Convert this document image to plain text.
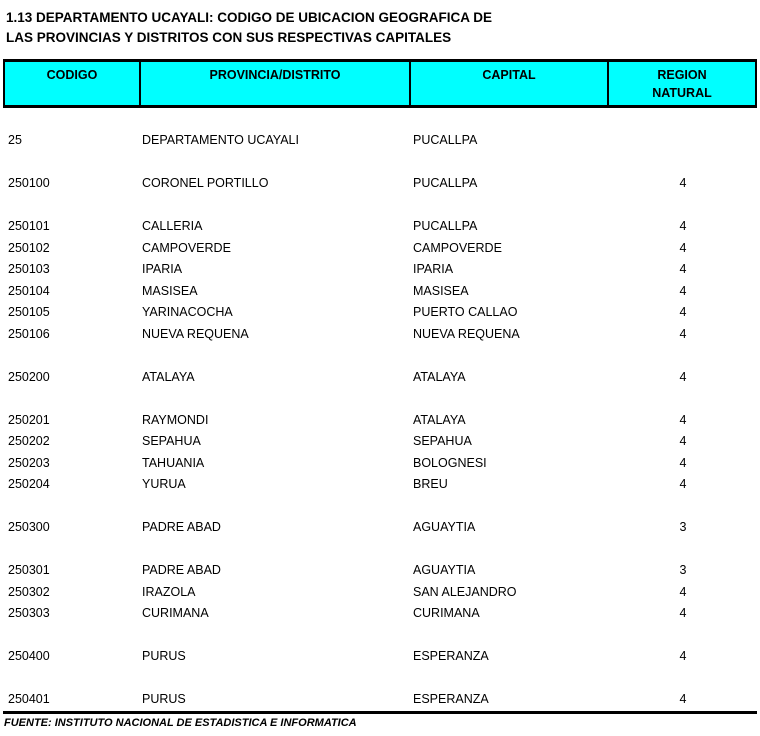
1.13 DEPARTAMENTO UCAYALI: CODIGO DE UBICACION GEOGRAFICA DE
LAS PROVINCIAS Y DISTRITOS CON SUS RESPECTIVAS CAPITALES
CODIGO	PROVINCIA/DISTRITO	CAPITAL	REGION
NATURAL
25	DEPARTAMENTO UCAYALI	PUCALLPA
250100	CORONEL PORTILLO	PUCALLPA	4
250101	CALLERIA	PUCALLPA	4
250102	CAMPOVERDE	CAMPOVERDE	4
250103	IPARIA	IPARIA	4
250104	MASISEA	MASISEA	4
250105	YARINACOCHA	PUERTO CALLAO	4
250106	NUEVA REQUENA	NUEVA REQUENA	4
250200	ATALAYA	ATALAYA	4
250201	RAYMONDI	ATALAYA	4
250202	SEPAHUA	SEPAHUA	4
250203	TAHUANIA	BOLOGNESI	4
250204	YURUA	BREU	4
250300	PADRE ABAD	AGUAYTIA	3
250301	PADRE ABAD	AGUAYTIA	3
250302	IRAZOLA	SAN ALEJANDRO	4
250303	CURIMANA	CURIMANA	4
250400	PURUS	ESPERANZA	4
250401	PURUS	ESPERANZA	4
FUENTE: INSTITUTO NACIONAL DE ESTADISTICA E INFORMATICA
